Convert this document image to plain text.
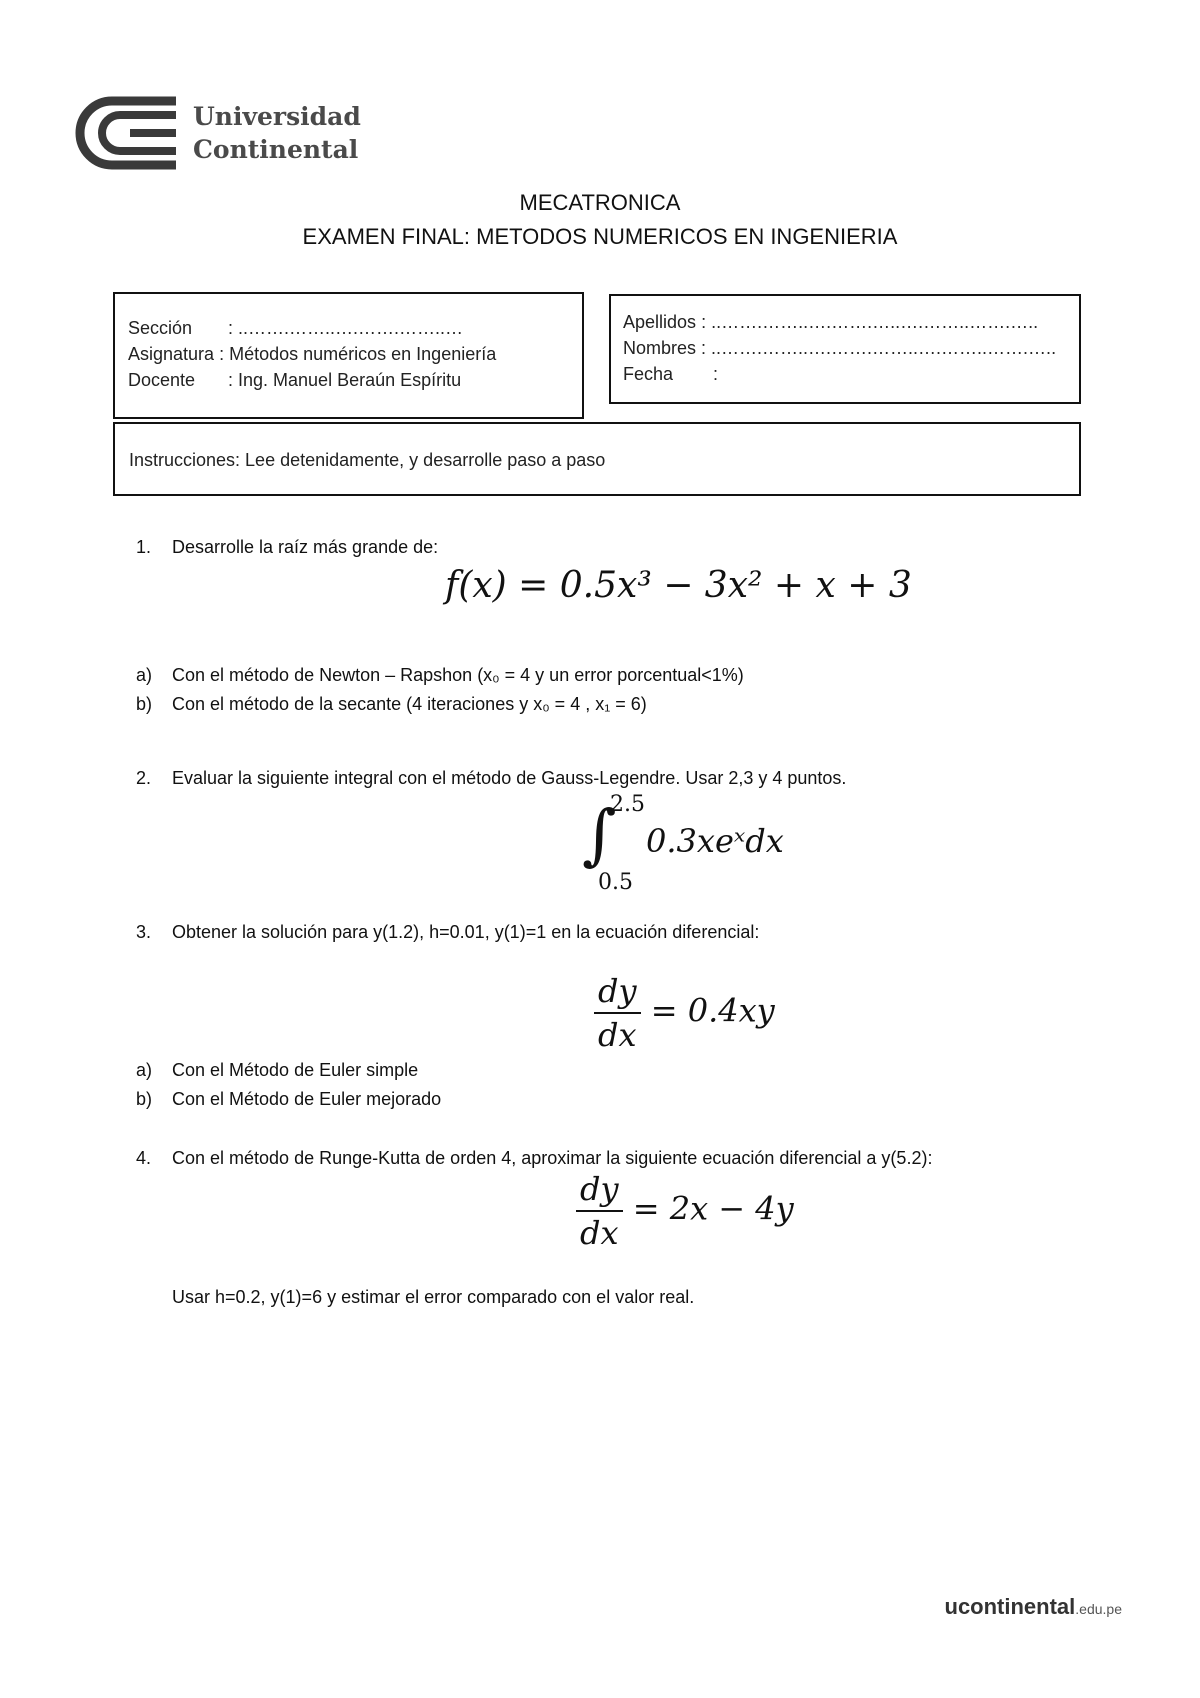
Universidad
Continental
MECATRONICA
EXAMEN FINAL: METODOS NUMERICOS EN INGENIERIA
Sección : ..…….……..….…….……..…
Asignatura : Métodos numéricos en Ingeniería
Docente : Ing. Manuel Beraún Espíritu
Apellidos : ..…….……..….…….…..….……..…….…..
Nombres : ..…….……..….…….……..….……..…….…..
Fecha :
Instrucciones: Lee detenidamente, y desarrolle paso a paso
1. Desarrolle la raíz más grande de:
f(x) = 0.5x³ − 3x² + x + 3
a) Con el método de Newton – Rapshon (x₀ = 4 y un error porcentual<1%)
b) Con el método de la secante (4 iteraciones y x₀ = 4 , x₁ = 6)
2. Evaluar la siguiente integral con el método de Gauss-Legendre. Usar 2,3 y 4 puntos.
∫
2.5
0.5
0.3xeˣdx
3. Obtener la solución para y(1.2), h=0.01, y(1)=1 en la ecuación diferencial:
$\frac{dy}{dx} = 0.4xy$
a) Con el Método de Euler simple
b) Con el Método de Euler mejorado
4. Con el método de Runge-Kutta de orden 4, aproximar la siguiente ecuación diferencial a y(5.2):
$\frac{dy}{dx} = 2x - 4y$
Usar h=0.2, y(1)=6 y estimar el error comparado con el valor real.
ucontinental.edu.pe
